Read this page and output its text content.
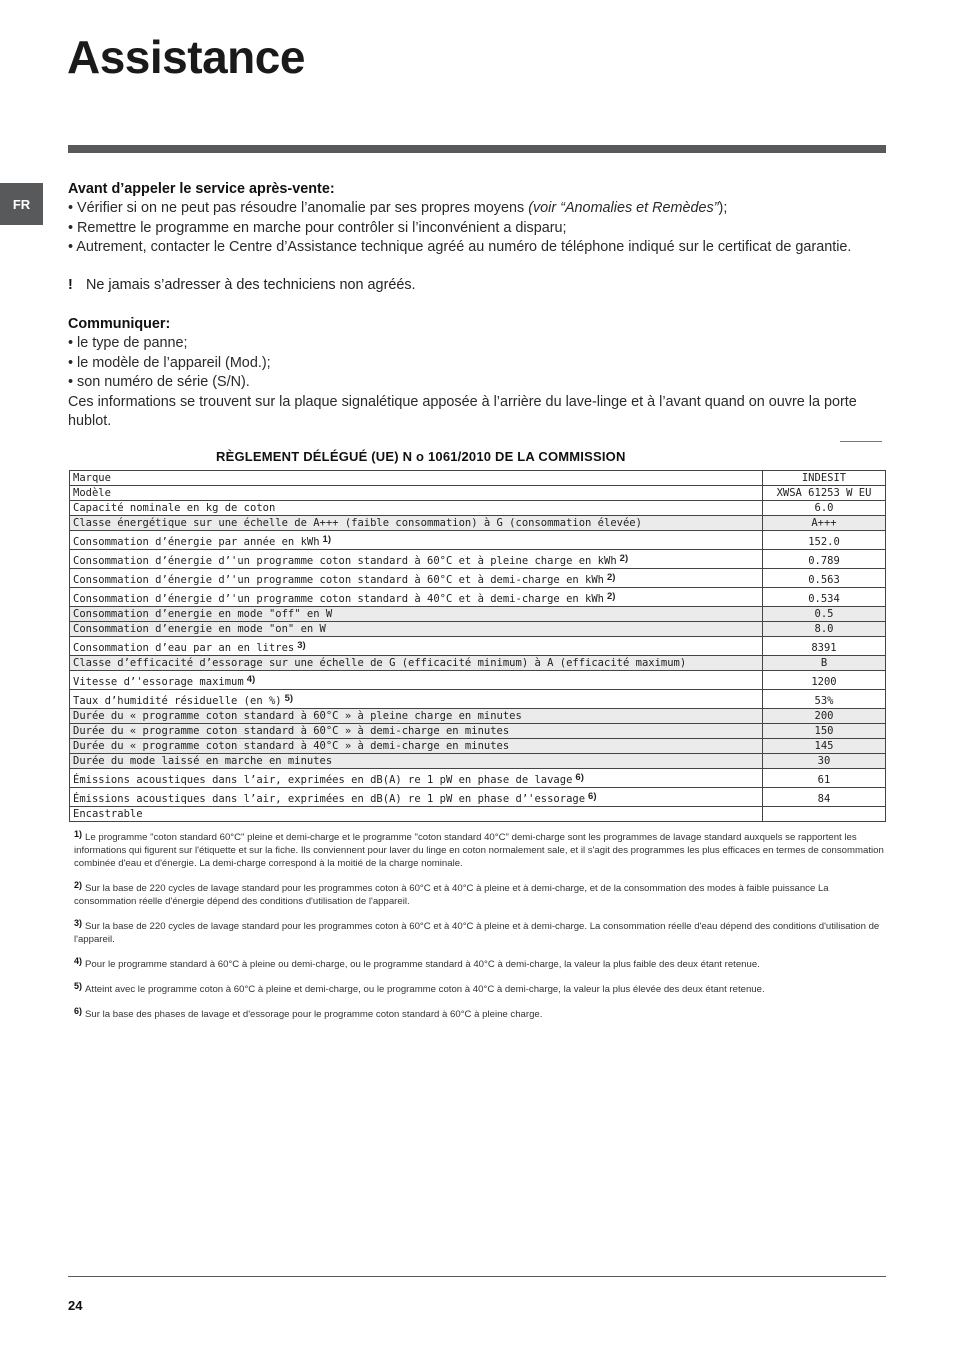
Assistance
FR

Avant d’appeler le service après-vente:

• Vérifier si on ne peut pas résoudre l’anomalie par ses propres moyens (voir “Anomalies et Remèdes”);

• Remettre le programme en marche pour contrôler si l’inconvénient a disparu;

• Autrement, contacter le Centre d’Assistance technique agréé au numéro de téléphone indiqué sur le certificat de garantie.

! Ne jamais s’adresser à des techniciens non agréés.

Communiquer:

• le type de panne;

• le modèle de l’appareil (Mod.);

• son numéro de série (S/N).

Ces informations se trouvent sur la plaque signalétique apposée à l’arrière du lave-linge et à l’avant quand on ouvre la porte hublot.

RÈGLEMENT DÉLÉGUÉ (UE) N o 1061/2010 DE LA COMMISSION
Marque	INDESIT
Modèle	XWSA 61253 W EU
Capacité nominale en kg de coton	6.0
Classe énergétique sur une échelle de A+++ (faible consommation) à G (consommation élevée)	A+++
Consommation d’énergie par année en kWh $^{1)}$	152.0
Consommation d’énergie d’'un programme coton standard à 60°C et à pleine charge en kWh $^{2)}$	0.789
Consommation d’énergie d’'un programme coton standard à 60°C et à demi-charge en kWh $^{2)}$	0.563
Consommation d’énergie d’'un programme coton standard à 40°C et à demi-charge en kWh $^{2)}$	0.534
Consommation d’energie en mode "off" en W	0.5
Consommation d’energie en mode "on" en W	8.0
Consommation d’eau par an en litres $^{3)}$	8391
Classe d’efficacité d’essorage sur une échelle de G (efficacité minimum) à A (efficacité maximum)	B
Vitesse d’'essorage maximum $^{4)}$	1200
Taux d’humidité résiduelle (en %) $^{5)}$	53%
Durée du « programme coton standard à 60°C » à pleine charge en minutes	200
Durée du « programme coton standard à 60°C » à demi-charge en minutes	150
Durée du « programme coton standard à 40°C » à demi-charge en minutes	145
Durée du mode laissé en marche en minutes	30
Émissions acoustiques dans l’air, exprimées en dB(A) re 1 pW en phase de lavage $^{6)}$	61
Émissions acoustiques dans l’air, exprimées en dB(A) re 1 pW en phase d’'essorage $^{6)}$	84
Encastrable	

$^{1)}$ Le programme "coton standard 60°C" pleine et demi-charge et le programme "coton standard 40°C" demi-charge sont les programmes de lavage standard auxquels se rapportent les informations qui figurent sur l'étiquette et sur la fiche. Ils conviennent pour laver du linge en coton normalement sale, et il s'agit des programmes les plus efficaces en termes de consommation combinée d'eau et d'énergie. La demi-charge correspond à la moitié de la charge nominale.

$^{2)}$ Sur la base de 220 cycles de lavage standard pour les programmes coton à 60°C et à 40°C à pleine et à demi-charge, et de la consommation des modes à faible puissance La consommation réelle d'énergie dépend des conditions d'utilisation de l'appareil.

$^{3)}$ Sur la base de 220 cycles de lavage standard pour les programmes coton à 60°C et à 40°C à pleine et à demi-charge. La consommation réelle d'eau dépend des conditions d'utilisation de l'appareil.

$^{4)}$ Pour le programme standard à 60°C à pleine ou demi-charge, ou le programme standard à 40°C à demi-charge, la valeur la plus faible des deux étant retenue.

$^{5)}$ Atteint avec le programme coton à 60°C à pleine et demi-charge, ou le programme coton à 40°C à demi-charge, la valeur la plus élevée des deux étant retenue.

$^{6)}$ Sur la base des phases de lavage et d'essorage pour le programme coton standard à 60°C à pleine charge.

24
